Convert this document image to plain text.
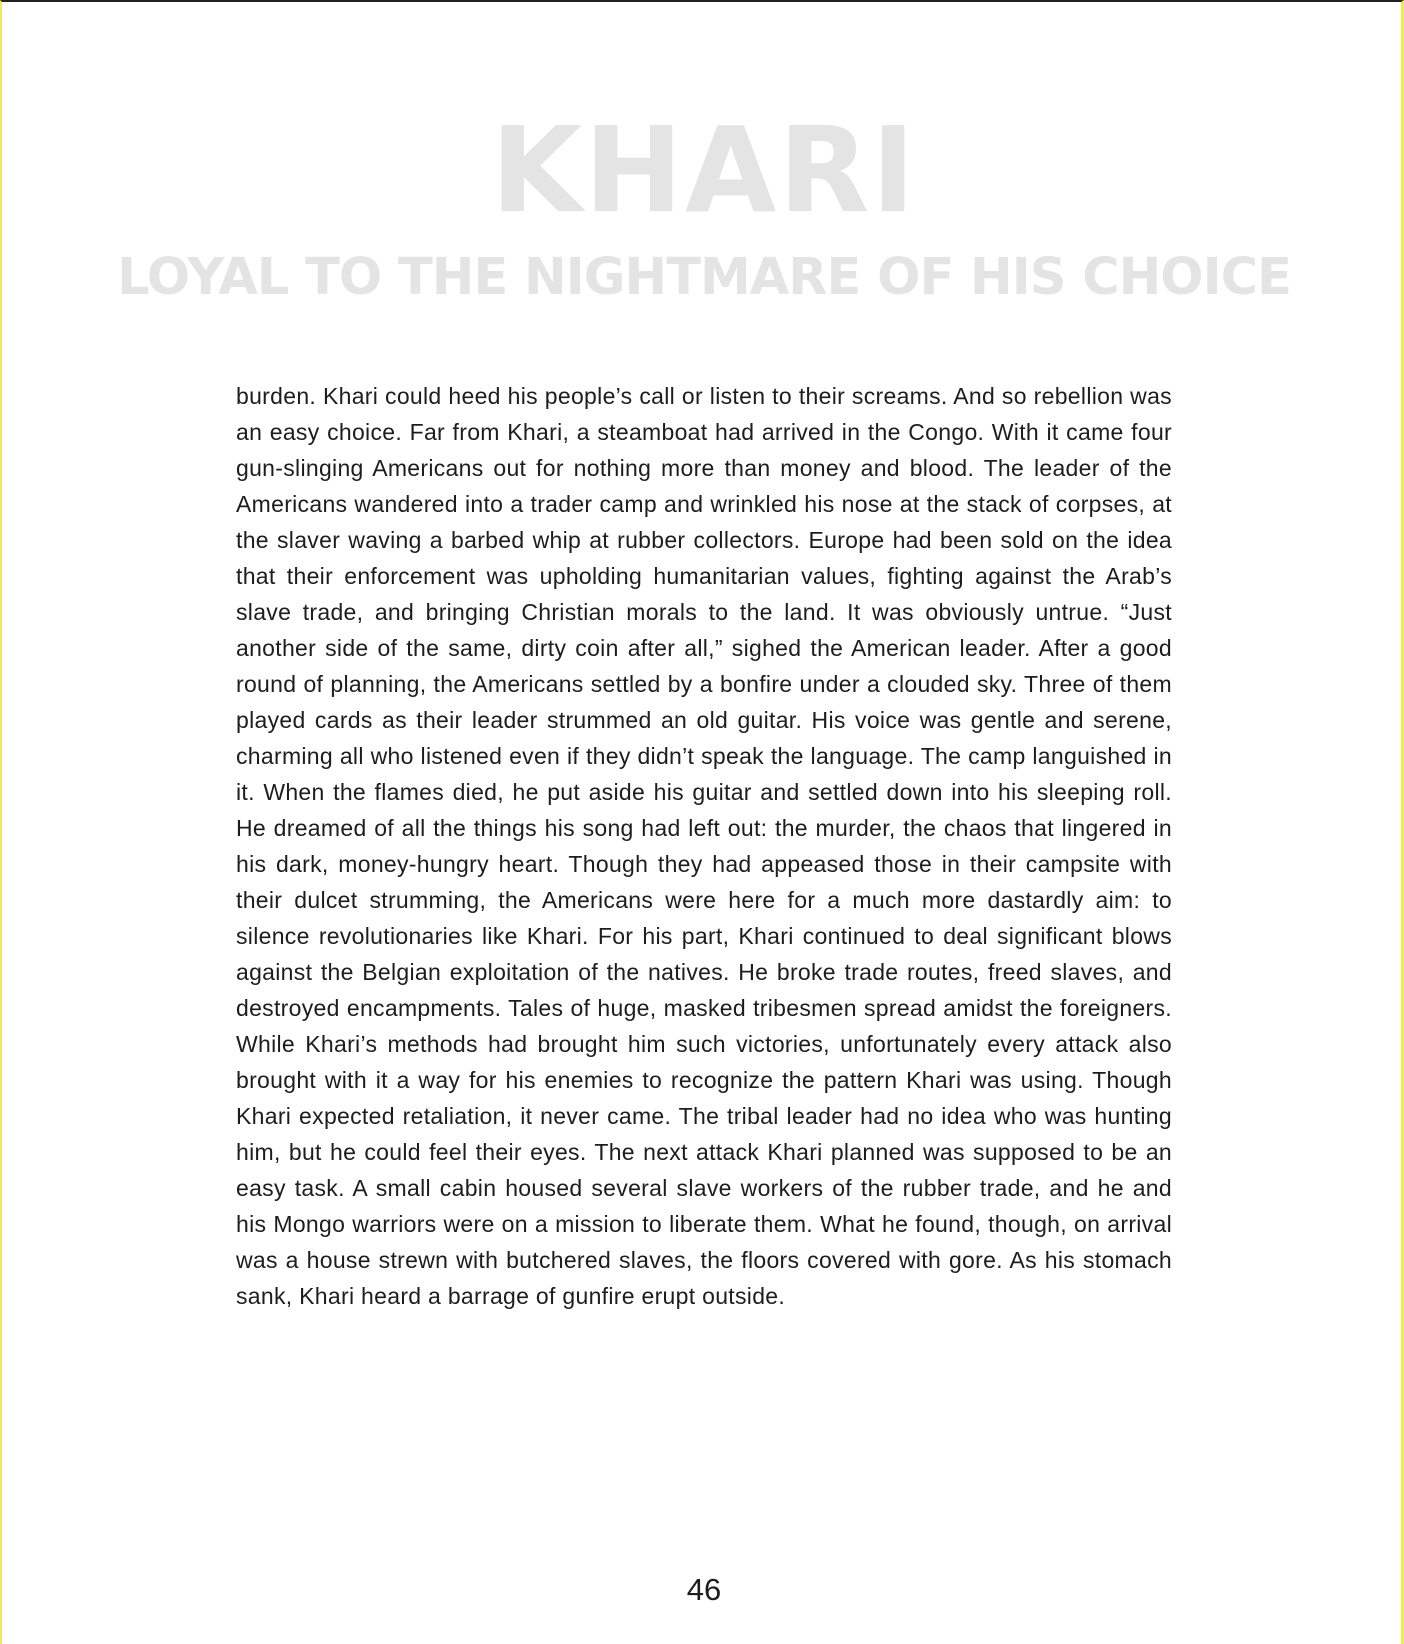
KHARI
LOYAL TO THE NIGHTMARE OF HIS CHOICE

burden. Khari could heed his people’s call or listen to their screams. And so rebellion was an easy choice. Far from Khari, a steamboat had arrived in the Congo. With it came four gun-slinging Americans out for nothing more than money and blood. The leader of the Americans wandered into a trader camp and wrinkled his nose at the stack of corpses, at the slaver waving a barbed whip at rubber collectors. Europe had been sold on the idea that their enforcement was upholding humanitarian values, fighting against the Arab’s slave trade, and bringing Christian morals to the land. It was obviously untrue. “Just another side of the same, dirty coin after all,” sighed the American leader. After a good round of planning, the Americans settled by a bonfire under a clouded sky. Three of them played cards as their leader strummed an old guitar. His voice was gentle and serene, charming all who listened even if they didn’t speak the language. The camp languished in it. When the flames died, he put aside his guitar and settled down into his sleeping roll. He dreamed of all the things his song had left out: the murder, the chaos that lingered in his dark, money-hungry heart. Though they had appeased those in their campsite with their dulcet strumming, the Americans were here for a much more dastardly aim: to silence revolutionaries like Khari. For his part, Khari continued to deal significant blows against the Belgian exploitation of the natives. He broke trade routes, freed slaves, and destroyed encampments. Tales of huge, masked tribesmen spread amidst the foreigners. While Khari’s methods had brought him such victories, unfortunately every attack also brought with it a way for his enemies to recognize the pattern Khari was using. Though Khari expected retaliation, it never came. The tribal leader had no idea who was hunting him, but he could feel their eyes. The next attack Khari planned was supposed to be an easy task. A small cabin housed several slave workers of the rubber trade, and he and his Mongo warriors were on a mission to liberate them. What he found, though, on arrival was a house strewn with butchered slaves, the floors covered with gore. As his stomach sank, Khari heard a barrage of gunfire erupt outside.

46
